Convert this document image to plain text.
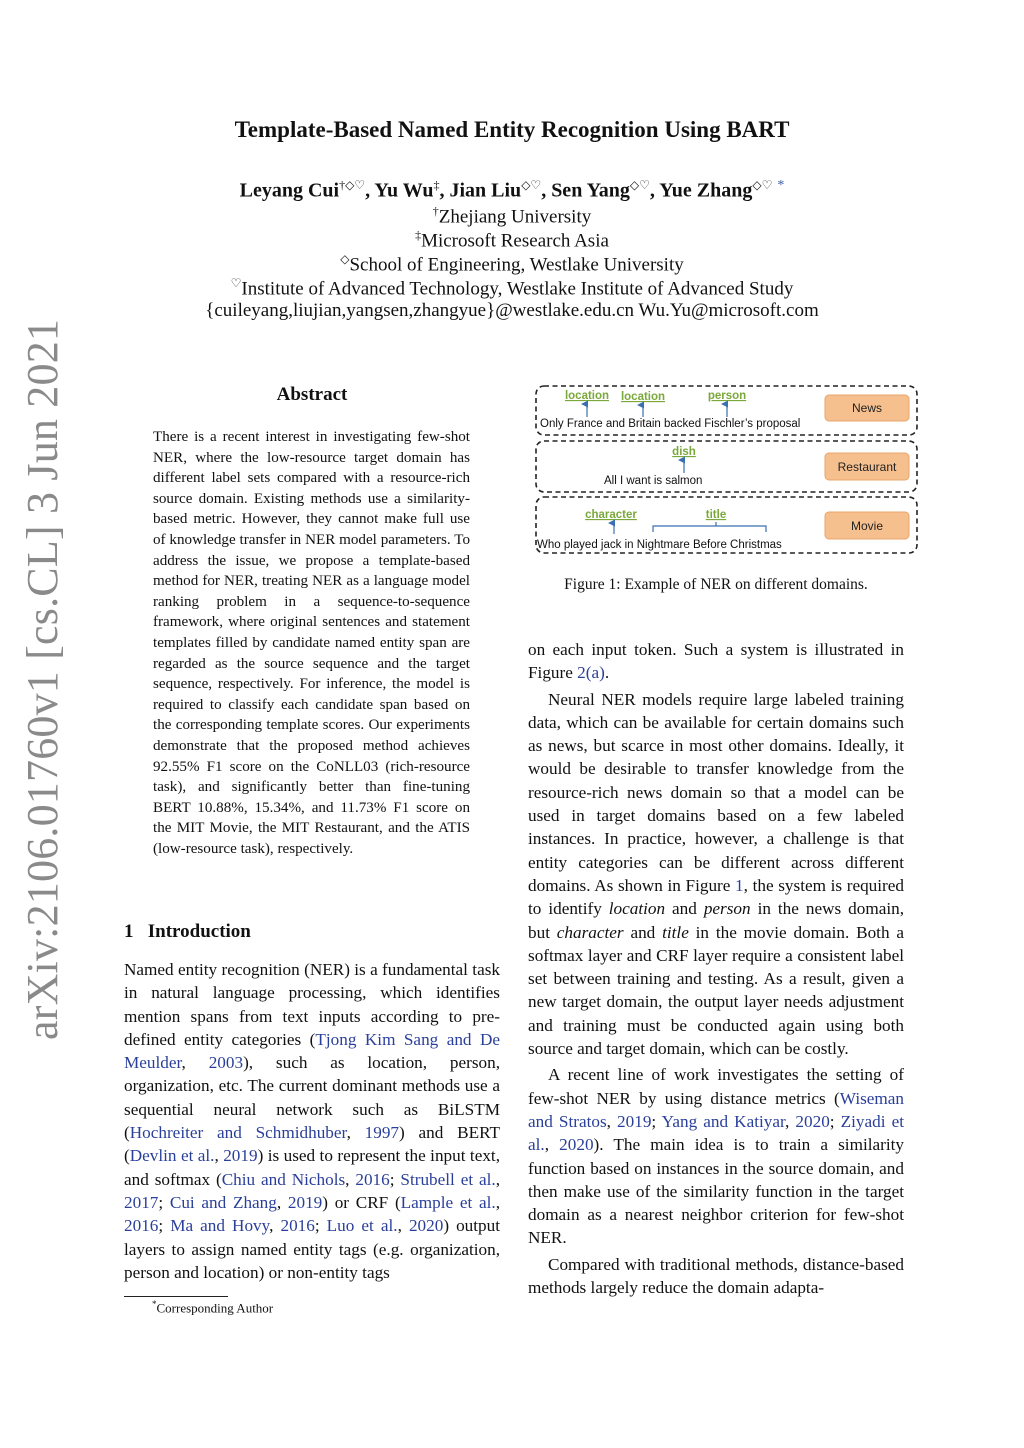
arXiv:2106.01760v1 [cs.CL] 3 Jun 2021
Template-Based Named Entity Recognition Using BART
Leyang Cui†◇♡, Yu Wu‡, Jian Liu◇♡, Sen Yang◇♡, Yue Zhang◇♡ *
†Zhejiang University
‡Microsoft Research Asia
◇School of Engineering, Westlake University
♡Institute of Advanced Technology, Westlake Institute of Advanced Study
{cuileyang,liujian,yangsen,zhangyue}@westlake.edu.cn Wu.Yu@microsoft.com
Abstract
There is a recent interest in investigating few-shot NER, where the low-resource target domain has different label sets compared with a resource-rich source domain. Existing methods use a similarity-based metric. However, they cannot make full use of knowledge transfer in NER model parameters. To address the issue, we propose a template-based method for NER, treating NER as a language model ranking problem in a sequence-to-sequence framework, where original sentences and statement templates filled by candidate named entity span are regarded as the source sequence and the target sequence, respectively. For inference, the model is required to classify each candidate span based on the corresponding template scores. Our experiments demonstrate that the proposed method achieves 92.55% F1 score on the CoNLL03 (rich-resource task), and significantly better than fine-tuning BERT 10.88%, 15.34%, and 11.73% F1 score on the MIT Movie, the MIT Restaurant, and the ATIS (low-resource task), respectively.
1 Introduction

Named entity recognition (NER) is a fundamental task in natural language processing, which identifies mention spans from text inputs according to pre-defined entity categories (Tjong Kim Sang and De Meulder, 2003), such as location, person, organization, etc. The current dominant methods use a sequential neural network such as BiLSTM (Hochreiter and Schmidhuber, 1997) and BERT (Devlin et al., 2019) is used to represent the input text, and softmax (Chiu and Nichols, 2016; Strubell et al., 2017; Cui and Zhang, 2019) or CRF (Lample et al., 2016; Ma and Hovy, 2016; Luo et al., 2020) output layers to assign named entity tags (e.g. organization, person and location) or non-entity tags

*Corresponding Author
location location	person
Only France and Britain backed Fischler’s proposal
News
dish
All I want is salmon
Restaurant
character	title
Who played jack in Nightmare Before Christmas
Movie
Figure 1: Example of NER on different domains.

on each input token. Such a system is illustrated in Figure 2(a).

Neural NER models require large labeled training data, which can be available for certain domains such as news, but scarce in most other domains. Ideally, it would be desirable to transfer knowledge from the resource-rich news domain so that a model can be used in target domains based on a few labeled instances. In practice, however, a challenge is that entity categories can be different across different domains. As shown in Figure 1, the system is required to identify location and person in the news domain, but character and title in the movie domain. Both a softmax layer and CRF layer require a consistent label set between training and testing. As a result, given a new target domain, the output layer needs adjustment and training must be conducted again using both source and target domain, which can be costly.

A recent line of work investigates the setting of few-shot NER by using distance metrics (Wiseman and Stratos, 2019; Yang and Katiyar, 2020; Ziyadi et al., 2020). The main idea is to train a similarity function based on instances in the source domain, and then make use of the similarity function in the target domain as a nearest neighbor criterion for few-shot NER.

Compared with traditional methods, distance-based methods largely reduce the domain adapta-
